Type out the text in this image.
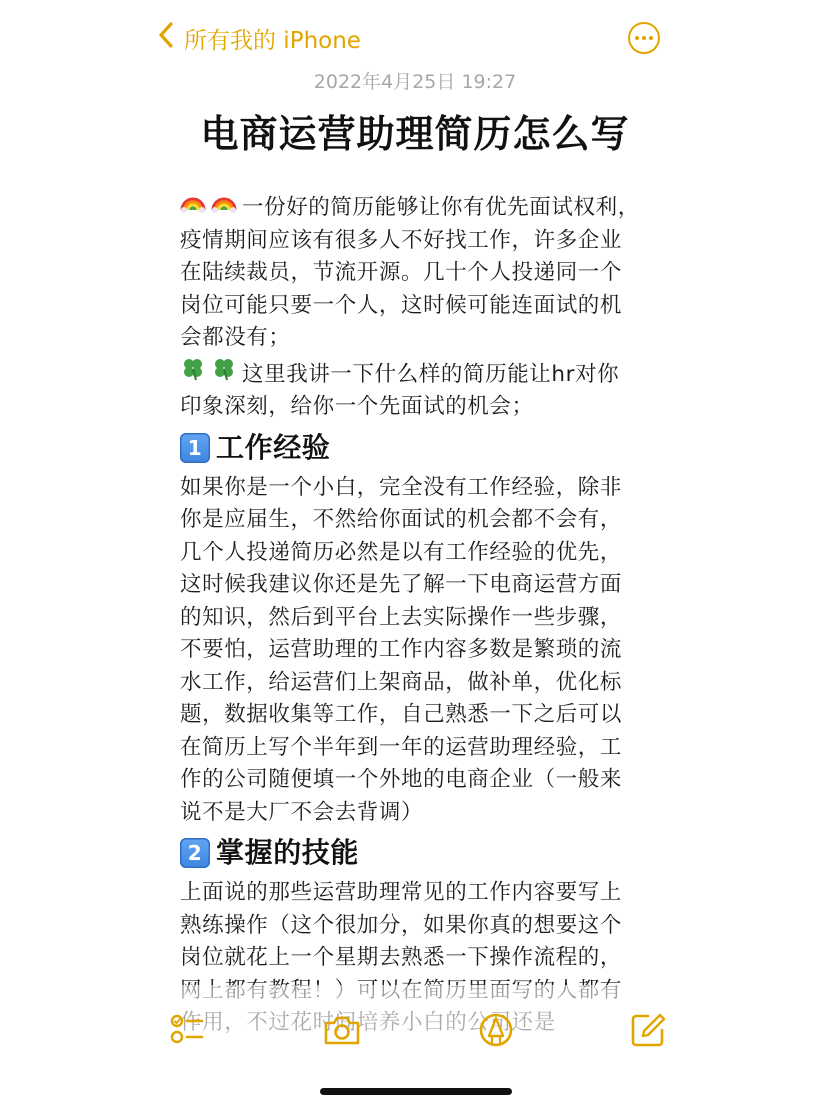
所有我的 iPhone
2022年4月25日 19:27
电商运营助理简历怎么写

一份好的简历能够让你有优先面试权利，疫情期间应该有很多人不好找工作，许多企业在陆续裁员，节流开源。几十个人投递同一个岗位可能只要一个人，这时候可能连面试的机会都没有；

这里我讲一下什么样的简历能让hr对你印象深刻，给你一个先面试的机会；

1 工作经验

如果你是一个小白，完全没有工作经验，除非你是应届生，不然给你面试的机会都不会有，几个人投递简历必然是以有工作经验的优先，这时候我建议你还是先了解一下电商运营方面的知识，然后到平台上去实际操作一些步骤，不要怕，运营助理的工作内容多数是繁琐的流水工作，给运营们上架商品，做补单，优化标题，数据收集等工作，自己熟悉一下之后可以在简历上写个半年到一年的运营助理经验，工作的公司随便填一个外地的电商企业（一般来说不是大厂不会去背调）

2 掌握的技能

上面说的那些运营助理常见的工作内容要写上熟练操作（这个很加分，如果你真的想要这个岗位就花上一个星期去熟悉一下操作流程的，
